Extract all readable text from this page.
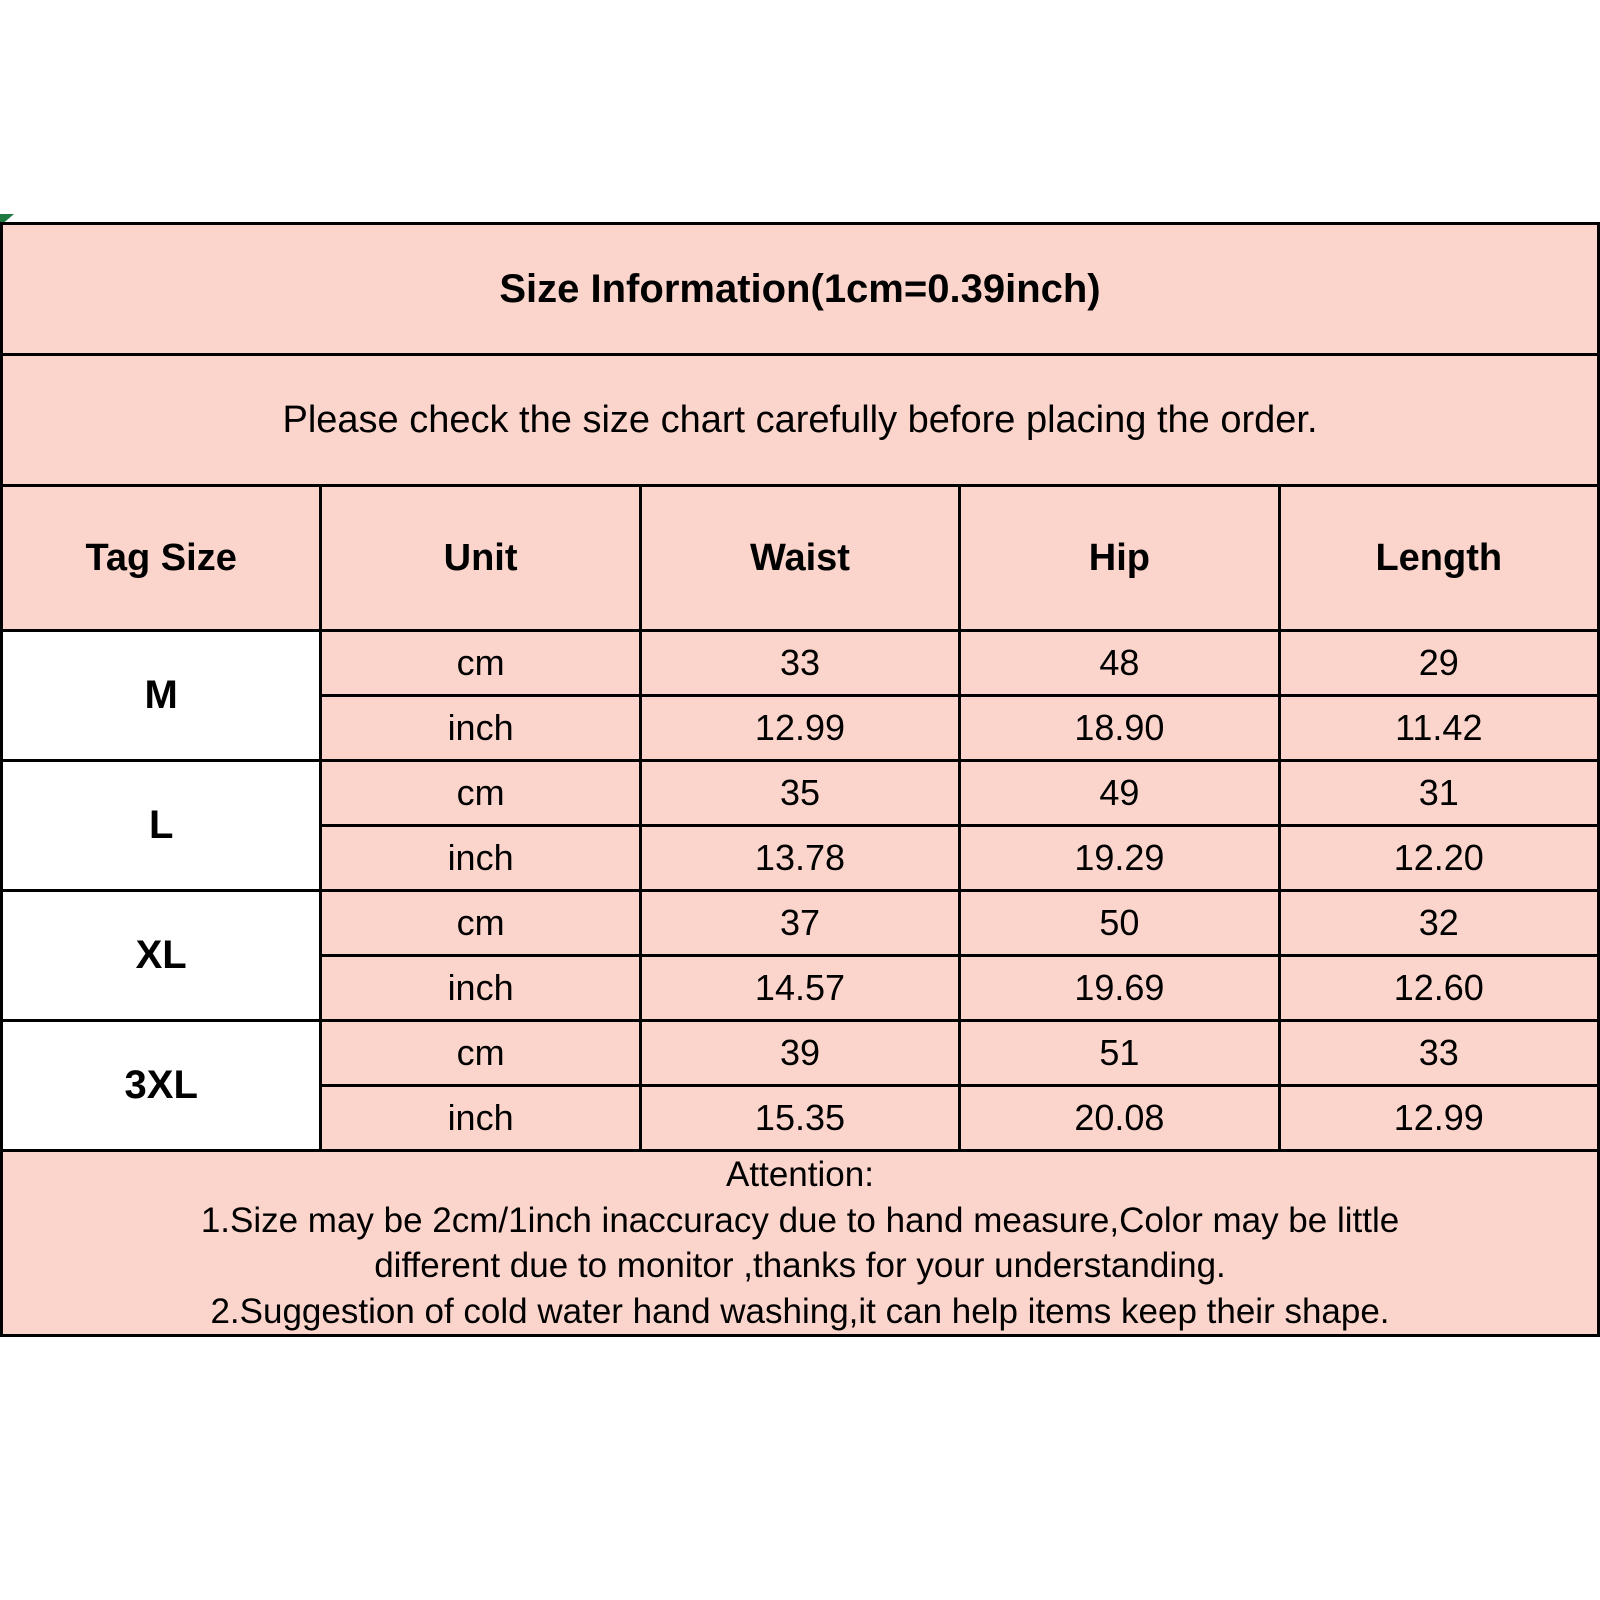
Size Information(1cm=0.39inch)				
Please check the size chart carefully before placing the order.				
Tag Size	Unit	Waist	Hip	Length
M	cm	33	48	29
	inch	12.99	18.90	11.42
L	cm	35	49	31
	inch	13.78	19.29	12.20
XL	cm	37	50	32
	inch	14.57	19.69	12.60
3XL	cm	39	51	33
	inch	15.35	20.08	12.99

Attention:
1.Size may be 2cm/1inch inaccuracy due to hand measure,Color may be little
different due to monitor ,thanks for your understanding.
2.Suggestion of cold water hand washing,it can help items keep their shape.				
